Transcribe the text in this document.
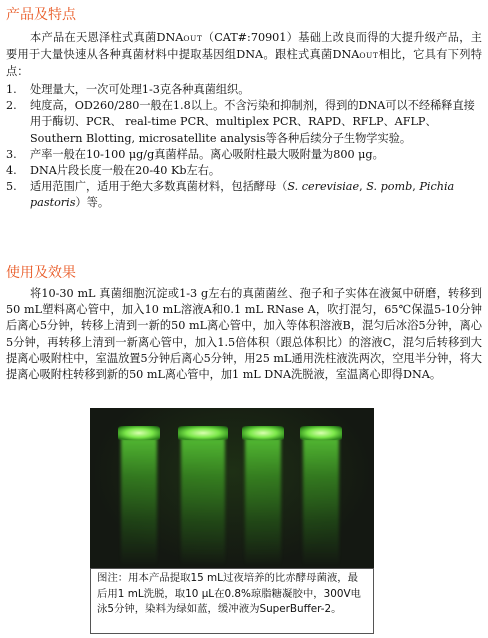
产品及特点

本产品在天恩泽柱式真菌DNAOUT（CAT#:70901）基础上改良而得的大提升级产品，主要用于大量快速从各种真菌材料中提取基因组DNA。跟柱式真菌DNAOUT相比，它具有下列特点：

1.	处理量大，一次可处理1-3克各种真菌组织。
2.	纯度高，OD260/280一般在1.8以上。不含污染和抑制剂，得到的DNA可以不经稀释直接用于酶切、PCR、 real-time PCR、multiplex PCR、RAPD、RFLP、AFLP、Southern Blotting, microsatellite analysis等各种后续分子生物学实验。
3.	产率一般在10-100 μg/g真菌样品。离心吸附柱最大吸附量为800 μg。
4.	DNA片段长度一般在20-40 Kb左右。
5.	适用范围广，适用于绝大多数真菌材料，包括酵母（S. cerevisiae, S. pomb, Pichia pastoris）等。
使用及效果

将10-30 mL 真菌细胞沉淀或1-3 g左右的真菌菌丝、孢子和子实体在液氮中研磨，转移到50 mL塑料离心管中，加入10 mL溶液A和0.1 mL RNase A，吹打混匀，65℃保温5-10分钟后离心5分钟，转移上清到一新的50 mL离心管中，加入等体积溶液B，混匀后冰浴5分钟，离心5分钟，再转移上清到一新离心管中，加入1.5倍体积（跟总体积比）的溶液C，混匀后转移到大提离心吸附柱中，室温放置5分钟后离心5分钟，用25 mL通用洗柱液洗两次，空甩半分钟，将大提离心吸附柱转移到新的50 mL离心管中，加1 mL DNA洗脱液，室温离心即得DNA。

图注：用本产品提取15 mL过夜培养的比赤酵母菌液，最后用1 mL洗脱，取10 μL在0.8%琼脂糖凝胶中，300V电泳5分钟，染料为绿如蓝，缓冲液为SuperBuffer-2。
